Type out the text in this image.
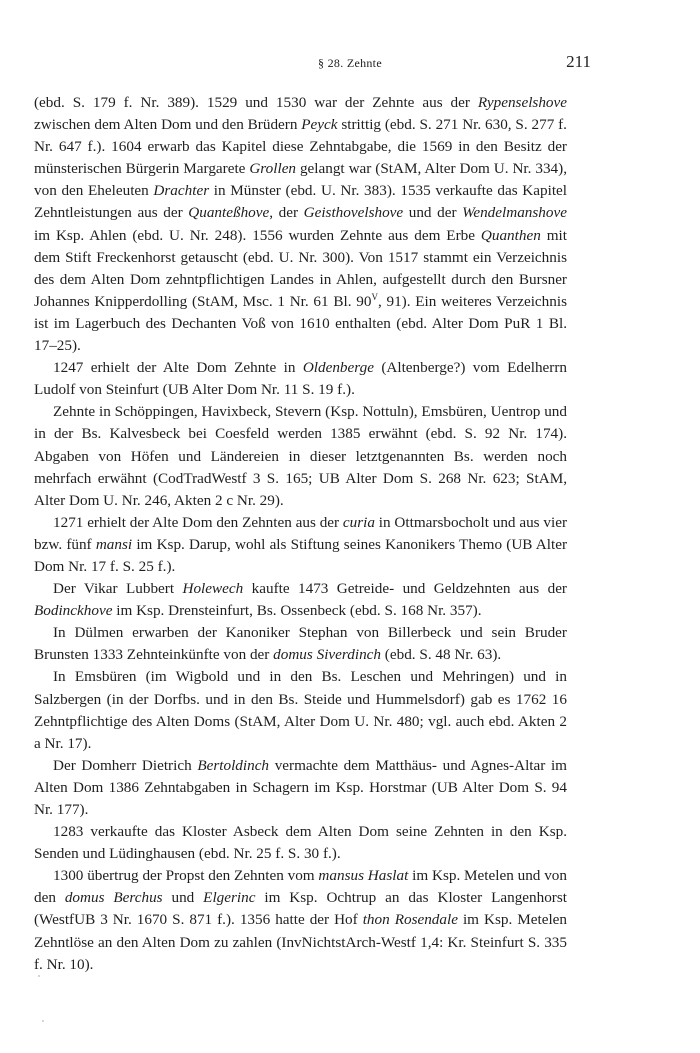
§ 28. Zehnte	211

(ebd. S. 179 f. Nr. 389). 1529 und 1530 war der Zehnte aus der Rypenselshove zwischen dem Alten Dom und den Brüdern Peyck strittig (ebd. S. 271 Nr. 630, S. 277 f. Nr. 647 f.). 1604 erwarb das Kapitel diese Zehntabgabe, die 1569 in den Besitz der münsterischen Bürgerin Margarete Grollen gelangt war (StAM, Alter Dom U. Nr. 334), von den Eheleuten Drachter in Münster (ebd. U. Nr. 383). 1535 verkaufte das Kapitel Zehntleistungen aus der Quanteßhove, der Geisthovelshove und der Wendelmanshove im Ksp. Ahlen (ebd. U. Nr. 248). 1556 wurden Zehnte aus dem Erbe Quanthen mit dem Stift Freckenhorst getauscht (ebd. U. Nr. 300). Von 1517 stammt ein Verzeichnis des dem Alten Dom zehntpflichtigen Landes in Ahlen, aufgestellt durch den Bursner Johannes Knipperdolling (StAM, Msc. 1 Nr. 61 Bl. $90^V$, 91). Ein weiteres Verzeichnis ist im Lagerbuch des Dechanten Voß von 1610 enthalten (ebd. Alter Dom PuR 1 Bl. 17–25).

1247 erhielt der Alte Dom Zehnte in Oldenberge (Altenberge?) vom Edelherrn Ludolf von Steinfurt (UB Alter Dom Nr. 11 S. 19 f.).

Zehnte in Schöppingen, Havixbeck, Stevern (Ksp. Nottuln), Emsbüren, Uentrop und in der Bs. Kalvesbeck bei Coesfeld werden 1385 erwähnt (ebd. S. 92 Nr. 174). Abgaben von Höfen und Ländereien in dieser letztgenannten Bs. werden noch mehrfach erwähnt (CodTradWestf 3 S. 165; UB Alter Dom S. 268 Nr. 623; StAM, Alter Dom U. Nr. 246, Akten 2 c Nr. 29).

1271 erhielt der Alte Dom den Zehnten aus der curia in Ottmarsbocholt und aus vier bzw. fünf mansi im Ksp. Darup, wohl als Stiftung seines Kanonikers Themo (UB Alter Dom Nr. 17 f. S. 25 f.).

Der Vikar Lubbert Holewech kaufte 1473 Getreide- und Geldzehnten aus der Bodinckhove im Ksp. Drensteinfurt, Bs. Ossenbeck (ebd. S. 168 Nr. 357).

In Dülmen erwarben der Kanoniker Stephan von Billerbeck und sein Bruder Brunsten 1333 Zehnteinkünfte von der domus Siverdinch (ebd. S. 48 Nr. 63).

In Emsbüren (im Wigbold und in den Bs. Leschen und Mehringen) und in Salzbergen (in der Dorfbs. und in den Bs. Steide und Hummelsdorf) gab es 1762 16 Zehntpflichtige des Alten Doms (StAM, Alter Dom U. Nr. 480; vgl. auch ebd. Akten 2 a Nr. 17).

Der Domherr Dietrich Bertoldinch vermachte dem Matthäus- und Agnes-Altar im Alten Dom 1386 Zehntabgaben in Schagern im Ksp. Horstmar (UB Alter Dom S. 94 Nr. 177).

1283 verkaufte das Kloster Asbeck dem Alten Dom seine Zehnten in den Ksp. Senden und Lüdinghausen (ebd. Nr. 25 f. S. 30 f.).

1300 übertrug der Propst den Zehnten vom mansus Haslat im Ksp. Metelen und von den domus Berchus und Elgerinc im Ksp. Ochtrup an das Kloster Langenhorst (WestfUB 3 Nr. 1670 S. 871 f.). 1356 hatte der Hof thon Rosendale im Ksp. Metelen Zehntlöse an den Alten Dom zu zahlen (InvNichtstArch-Westf 1,4: Kr. Steinfurt S. 335 f. Nr. 10).
